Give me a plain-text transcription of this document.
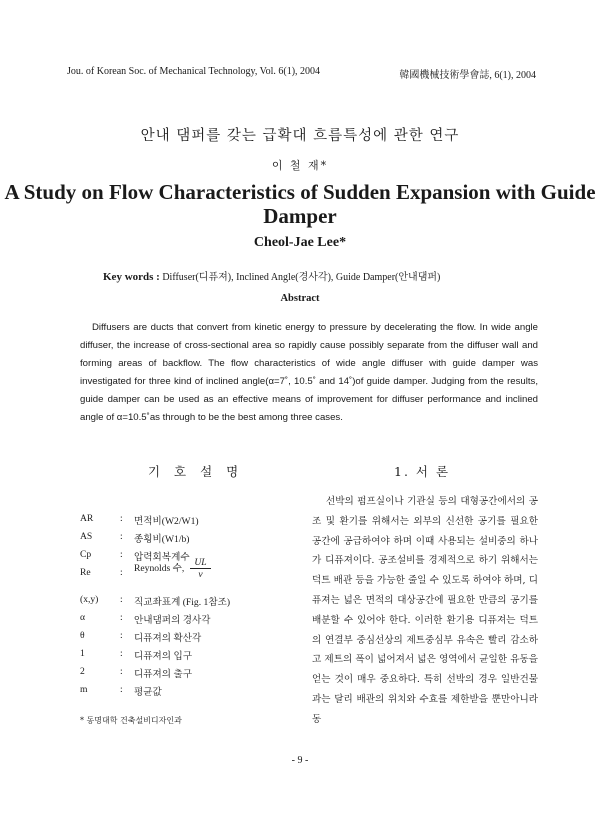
Jou. of Korean Soc. of Mechanical Technology, Vol. 6(1), 2004	韓國機械技術學會誌, 6(1), 2004
안내 댐퍼를 갖는 급확대 흐름특성에 관한 연구
이 철 재*
A Study on Flow Characteristics of Sudden Expansion with Guide Damper
Cheol-Jae Lee*
Key words : Diffuser(디퓨져), Inclined Angle(경사각), Guide Damper(안내댐퍼)
Abstract
Diffusers are ducts that convert from kinetic energy to pressure by decelerating the flow. In wide angle diffuser, the increase of cross-sectional area so rapidly cause possibly separate from the diffuser wall and forming areas of backflow. The flow characteristics of wide angle diffuser with guide damper was investigated for three kind of inclined angle(α=7˚, 10.5˚ and 14˚)of guide damper. Judging from the results, guide damper can be used as an effective means of improvement for diffuser performance and inclined angle of α=10.5˚as through to be the best among three cases.
기 호 설 명	1. 서 론
AR	: 면적비(W2/W1)
AS	: 종횡비(W1/b)
Cp	: 압력회복계수
Re	: Reynolds 수, $\frac{UL}{\nu}$
(x,y) : 직교좌표계 (Fig. 1참조)
α	: 안내댐퍼의 경사각
θ	: 디퓨져의 확산각
1	: 디퓨져의 입구
2	: 디퓨져의 출구
m	: 평균값

선박의 펌프실이나 기관실 등의 대형공간에서의 공조 및 환기를 위해서는 외부의 신선한 공기를 필요한 공간에 공급하여야 하며 이때 사용되는 설비중의 하나가 디퓨져이다. 공조설비를 경제적으로 하기 위해서는 덕트 배관 등을 가능한 줄일 수 있도록 하여야 하며, 디퓨져는 넓은 면적의 대상공간에 필요한 만큼의 공기를 배분할 수 있어야 한다. 이러한 환기용 디퓨져는 덕트의 연결부 중심선상의 제트중심부 유속은 빨리 감소하고 제트의 폭이 넓어져서 넓은 영역에서 균일한 유동을 얻는 것이 매우 중요하다. 특히 선박의 경우 일반건물과는 달리 배관의 위치와 수효를 제한받을 뿐만아니라 동

* 동명대학 건축설비디자인과
- 9 -
